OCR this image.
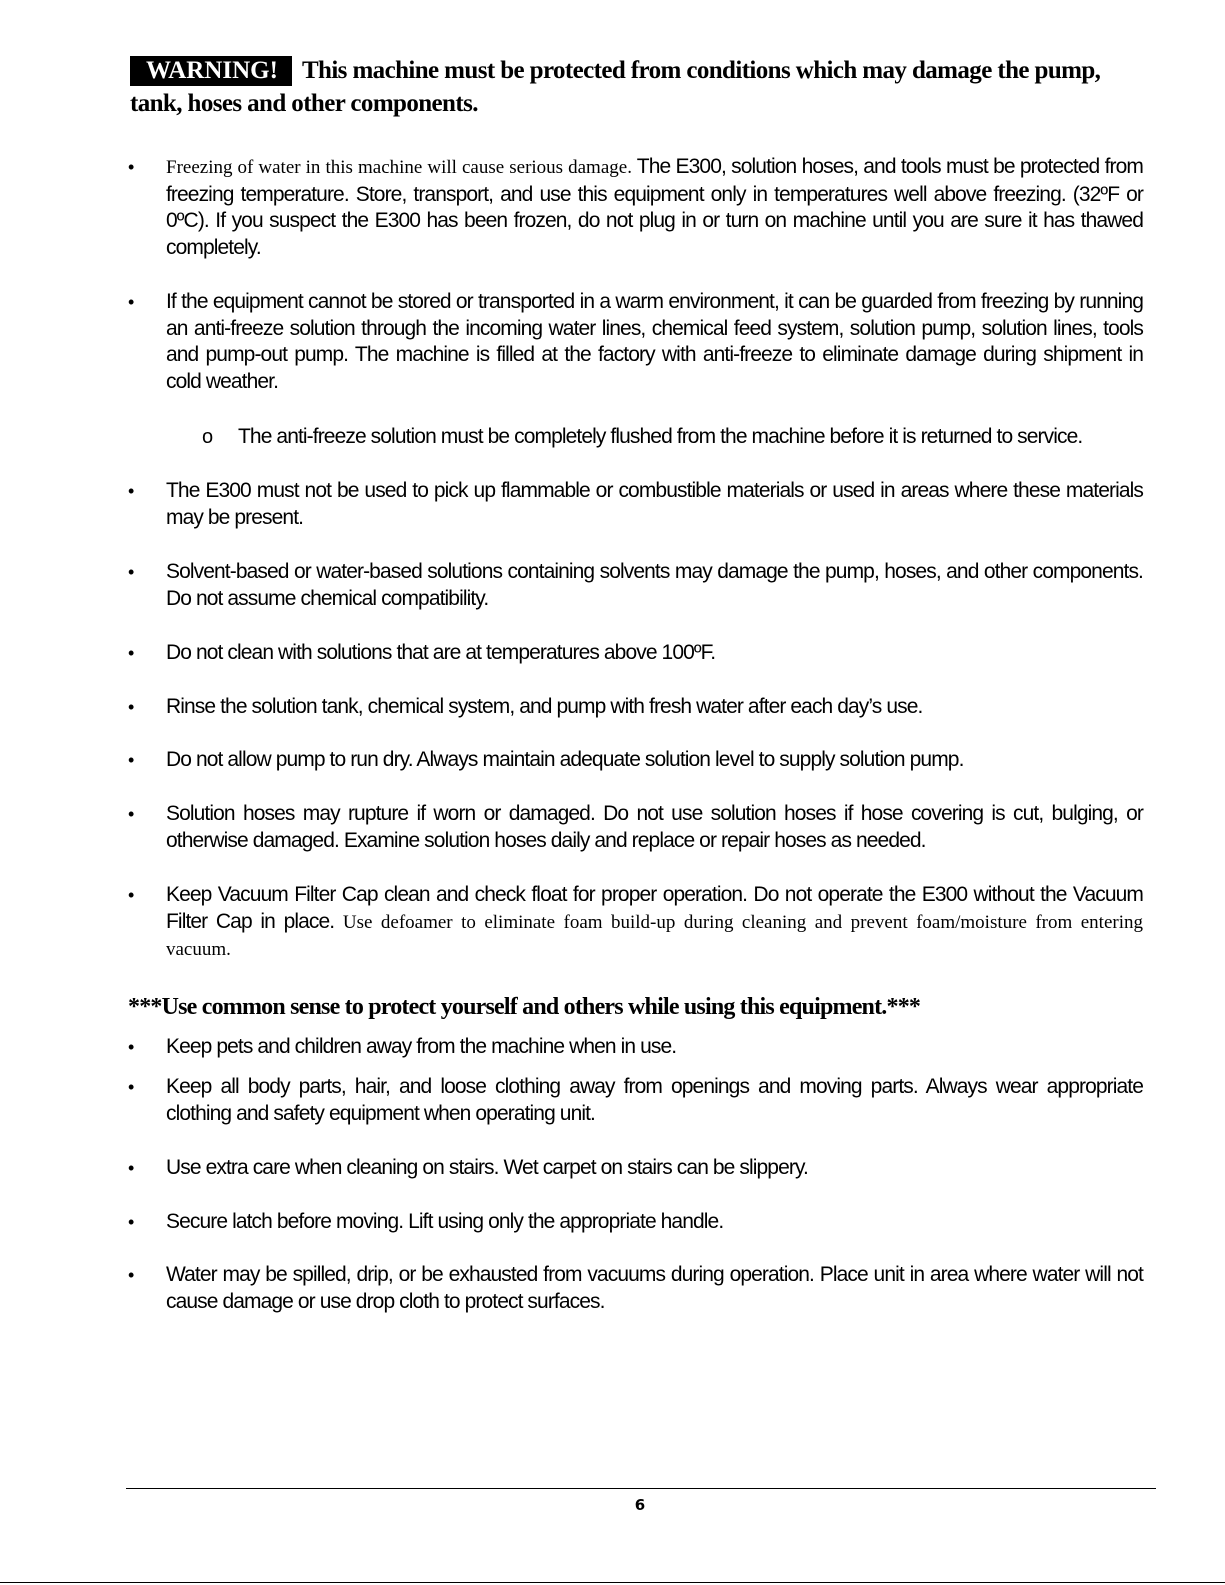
WARNING! This machine must be protected from conditions which may damage the pump, tank, hoses and other components.
• Freezing of water in this machine will cause serious damage. The E300, solution hoses, and tools must be protected from freezing temperature. Store, transport, and use this equipment only in temperatures well above freezing. (32ºF or 0ºC). If you suspect the E300 has been frozen, do not plug in or turn on machine until you are sure it has thawed completely.
• If the equipment cannot be stored or transported in a warm environment, it can be guarded from freezing by running an anti-freeze solution through the incoming water lines, chemical feed system, solution pump, solution lines, tools and pump-out pump. The machine is filled at the factory with anti-freeze to eliminate damage during shipment in cold weather.
o The anti-freeze solution must be completely flushed from the machine before it is returned to service.
• The E300 must not be used to pick up flammable or combustible materials or used in areas where these materials may be present.
• Solvent-based or water-based solutions containing solvents may damage the pump, hoses, and other components. Do not assume chemical compatibility.
• Do not clean with solutions that are at temperatures above 100ºF.
• Rinse the solution tank, chemical system, and pump with fresh water after each day’s use.
• Do not allow pump to run dry. Always maintain adequate solution level to supply solution pump.
• Solution hoses may rupture if worn or damaged. Do not use solution hoses if hose covering is cut, bulging, or otherwise damaged. Examine solution hoses daily and replace or repair hoses as needed.
• Keep Vacuum Filter Cap clean and check float for proper operation. Do not operate the E300 without the Vacuum Filter Cap in place. Use defoamer to eliminate foam build-up during cleaning and prevent foam/moisture from entering vacuum.
***Use common sense to protect yourself and others while using this equipment.***
• Keep pets and children away from the machine when in use.
• Keep all body parts, hair, and loose clothing away from openings and moving parts. Always wear appropriate clothing and safety equipment when operating unit.
• Use extra care when cleaning on stairs. Wet carpet on stairs can be slippery.
• Secure latch before moving. Lift using only the appropriate handle.
• Water may be spilled, drip, or be exhausted from vacuums during operation. Place unit in area where water will not cause damage or use drop cloth to protect surfaces.
6
